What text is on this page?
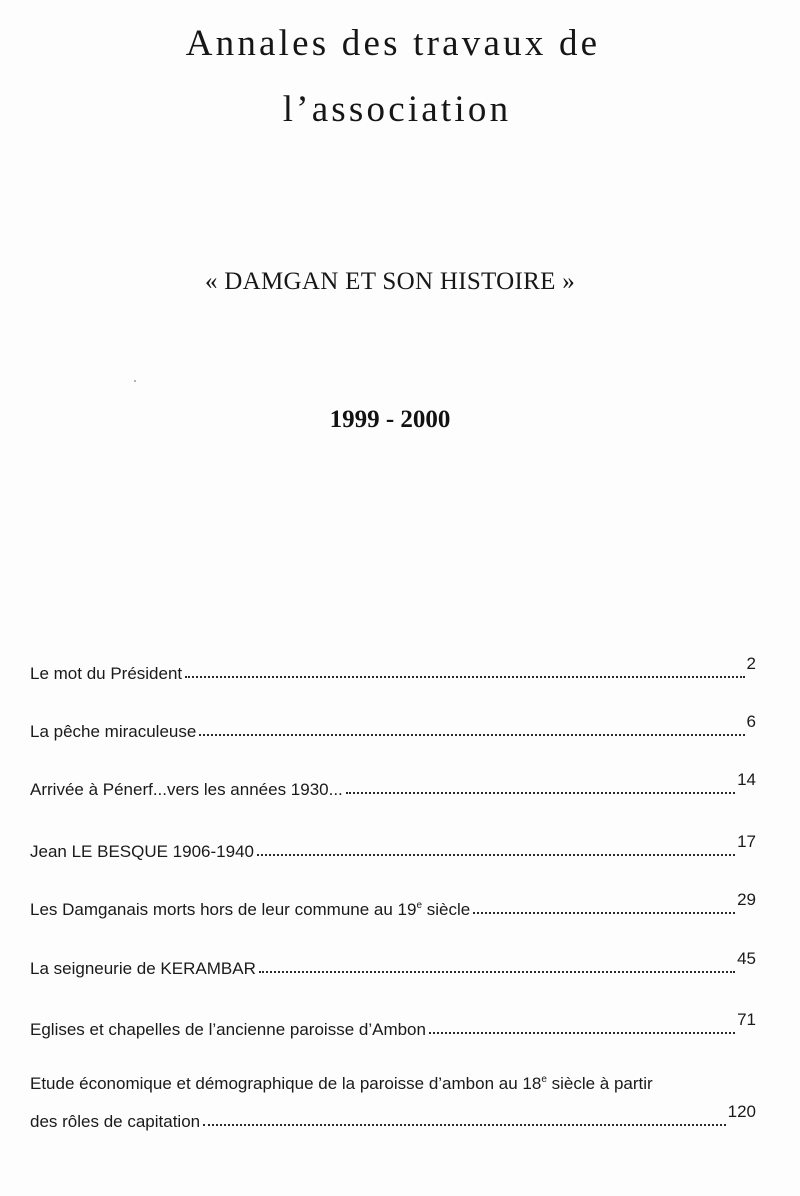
Annales des travaux de
l’association
« DAMGAN ET SON HISTOIRE »
1999 - 2000
Le mot du Président
2
La pêche miraculeuse
6
Arrivée à Pénerf...vers les années 1930...
14
Jean LE BESQUE 1906-1940
17
Les Damganais morts hors de leur commune au 19e siècle
29
La seigneurie de KERAMBAR
45
Eglises et chapelles de l’ancienne paroisse d’Ambon
71
Etude économique et démographique de la paroisse d’ambon au 18e siècle à partir
des rôles de capitation
120
